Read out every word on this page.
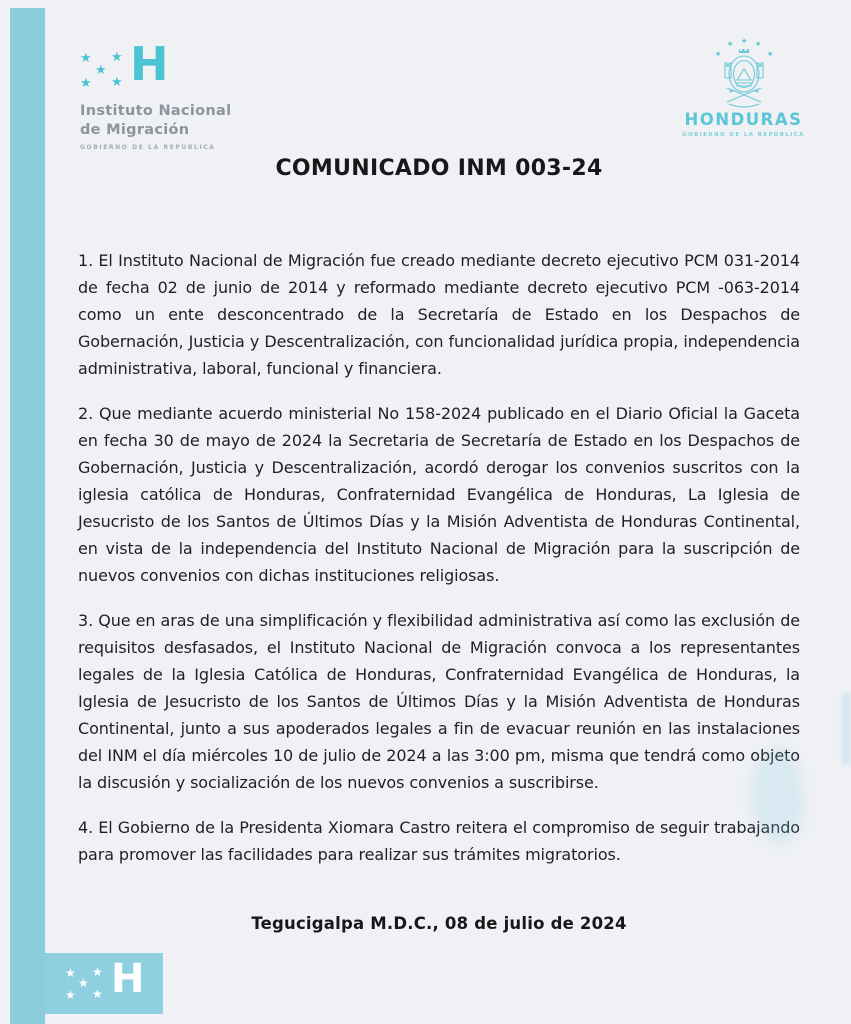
★ ★
★
★ ★ H
Instituto Nacional
de Migración
GOBIERNO DE LA REPÚBLICA
★
★ ★ ★
★
HONDURAS
GOBIERNO DE LA REPÚBLICA
COMUNICADO INM 003-24

1. El Instituto Nacional de Migración fue creado mediante decreto ejecutivo PCM 031-2014 de fecha 02 de junio de 2014 y reformado mediante decreto ejecutivo PCM -063-2014 como un ente desconcentrado de la Secretaría de Estado en los Despachos de Gobernación, Justicia y Descentralización, con funcionalidad jurídica propia, independencia administrativa, laboral, funcional y financiera.

2. Que mediante acuerdo ministerial No 158-2024 publicado en el Diario Oficial la Gaceta en fecha 30 de mayo de 2024 la Secretaria de Secretaría de Estado en los Despachos de Gobernación, Justicia y Descentralización, acordó derogar los convenios suscritos con la iglesia católica de Honduras, Confraternidad Evangélica de Honduras, La Iglesia de Jesucristo de los Santos de Últimos Días y la Misión Adventista de Honduras Continental, en vista de la independencia del Instituto Nacional de Migración para la suscripción de nuevos convenios con dichas instituciones religiosas.

3. Que en aras de una simplificación y flexibilidad administrativa así como las exclusión de requisitos desfasados, el Instituto Nacional de Migración convoca a los representantes legales de la Iglesia Católica de Honduras, Confraternidad Evangélica de Honduras, la Iglesia de Jesucristo de los Santos de Últimos Días y la Misión Adventista de Honduras Continental, junto a sus apoderados legales a fin de evacuar reunión en las instalaciones del INM el día miércoles 10 de julio de 2024 a las 3:00 pm, misma que tendrá como objeto la discusión y socialización de los nuevos convenios a suscribirse.

4. El Gobierno de la Presidenta Xiomara Castro reitera el compromiso de seguir trabajando para promover las facilidades para realizar sus trámites migratorios.

Tegucigalpa M.D.C., 08 de julio de 2024
★ ★
★
★ ★ H
